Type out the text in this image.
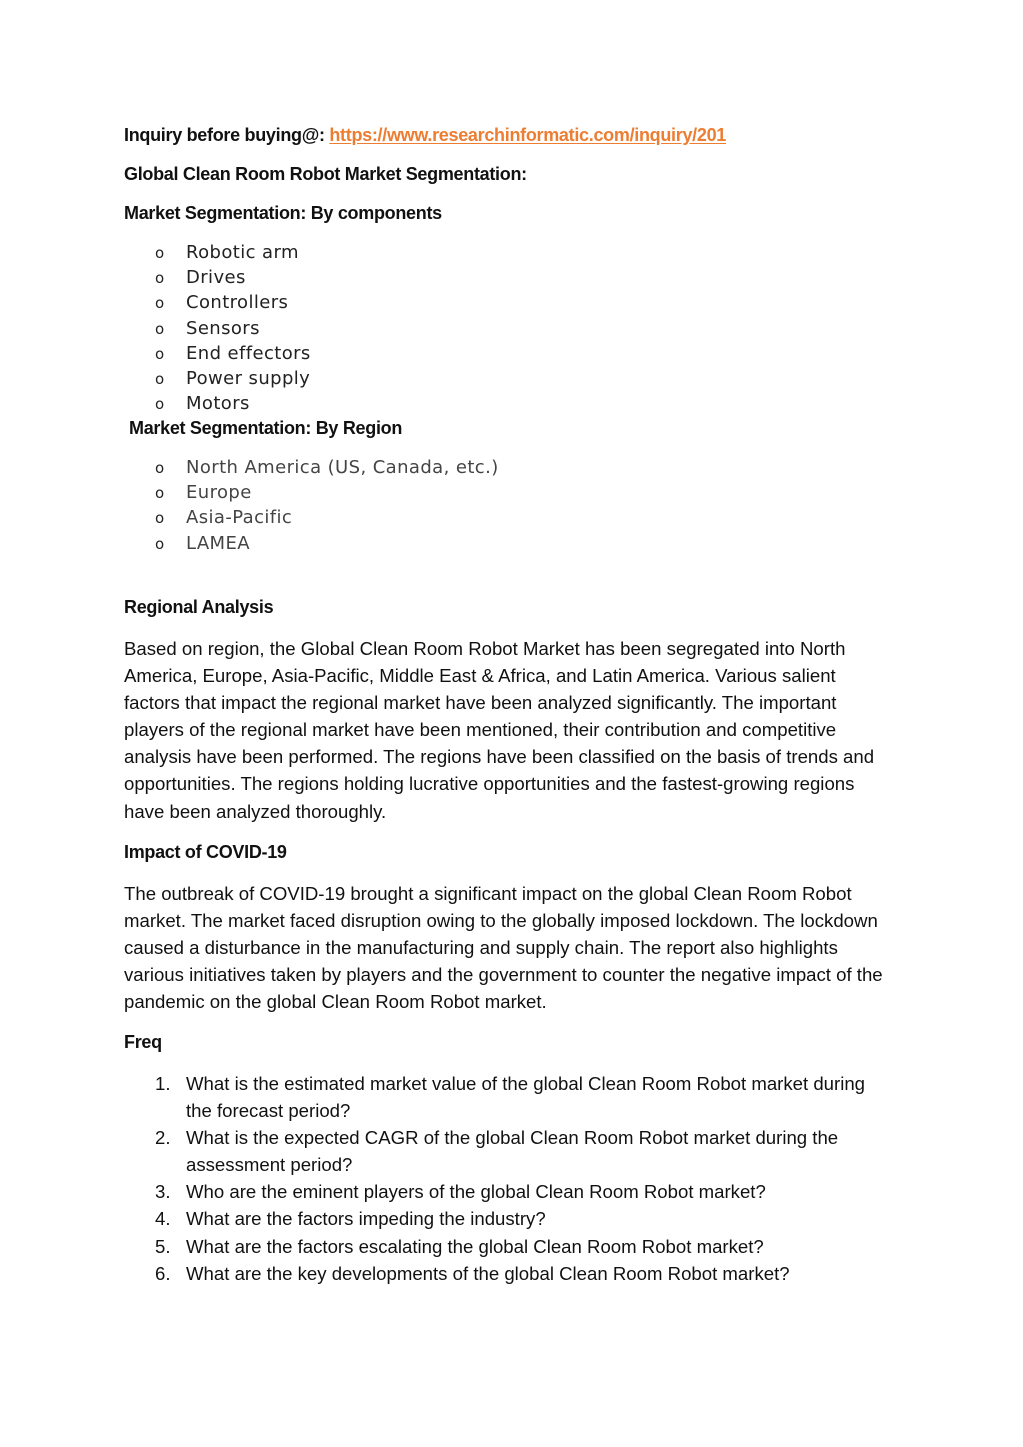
Inquiry before buying@: https://www.researchinformatic.com/inquiry/201
Global Clean Room Robot Market Segmentation:
Market Segmentation: By components
o Robotic arm
o Drives
o Controllers
o Sensors
o End effectors
o Power supply
o Motors
Market Segmentation: By Region
o North America (US, Canada, etc.)
o Europe
o Asia-Pacific
o LAMEA
Regional Analysis

Based on region, the Global Clean Room Robot Market has been segregated into North America, Europe, Asia-Pacific, Middle East & Africa, and Latin America. Various salient factors that impact the regional market have been analyzed significantly. The important players of the regional market have been mentioned, their contribution and competitive analysis have been performed. The regions have been classified on the basis of trends and opportunities. The regions holding lucrative opportunities and the fastest-growing regions have been analyzed thoroughly.

Impact of COVID-19

The outbreak of COVID-19 brought a significant impact on the global Clean Room Robot market. The market faced disruption owing to the globally imposed lockdown. The lockdown caused a disturbance in the manufacturing and supply chain. The report also highlights various initiatives taken by players and the government to counter the negative impact of the pandemic on the global Clean Room Robot market.

Freq
1. What is the estimated market value of the global Clean Room Robot market during the forecast period?
2. What is the expected CAGR of the global Clean Room Robot market during the assessment period?
3. Who are the eminent players of the global Clean Room Robot market?
4. What are the factors impeding the industry?
5. What are the factors escalating the global Clean Room Robot market?
6. What are the key developments of the global Clean Room Robot market?
